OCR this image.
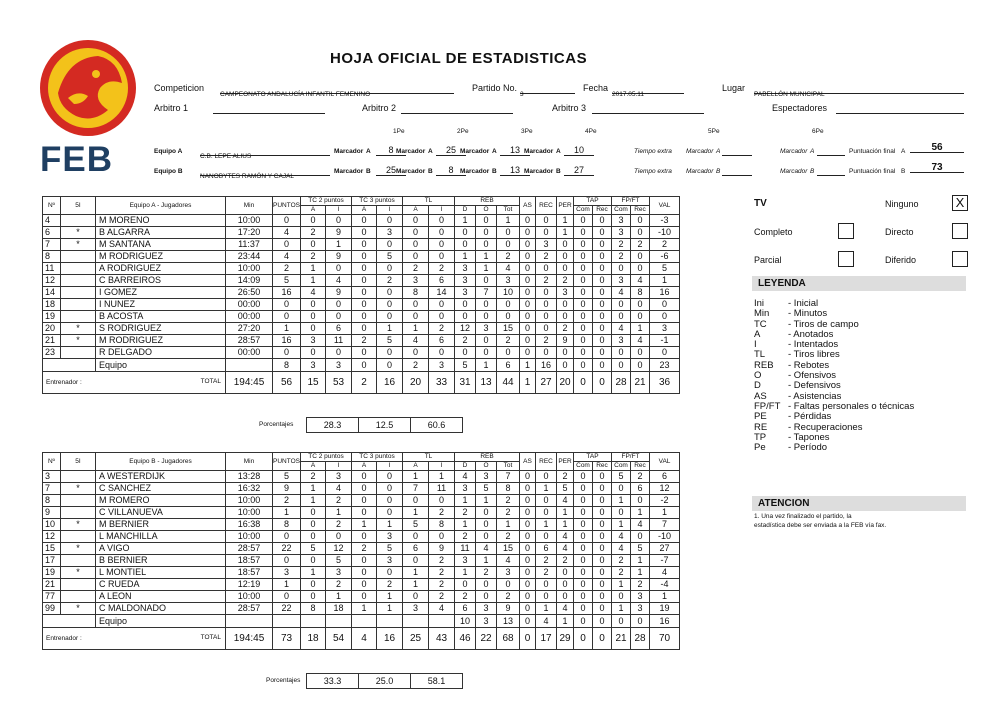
FEB
HOJA OFICIAL DE ESTADISTICAS
Competicion
CAMPEONATO ANDALUCÍA INFANTIL FEMENINO
Partido No.
3
Fecha
2017.05.11
Lugar
PABELLÓN MUNICIPAL
Arbitro 1	Arbitro 2	Arbitro 3	Espectadores
1Pe	2Pe	3Pe	4Pe	5Pe	6Pe
Equipo A
C.B. LEPE ALIUS
Marcador A	8 Marcador A	25 Marcador A	13 Marcador A	10	Tiempo extra Marcador A	Marcador A	Puntuación final A	56
Equipo B
NANOBYTES RAMÓN Y CAJAL
Marcador B	25 Marcador B	8	Marcador B	13 Marcador B	27	Tiempo extra Marcador B	Marcador B	Puntuación final B	73
Nº	5I	Equipo A - Jugadores	Min	PUNTOS	TC 2 puntos		TC 3 puntos		TL		REB			AS	REC	PER	TAP		FP/FT		VAL
					A	I	A	I	A	I	D	O	Tot				Com	Rec	Com	Rec	
4		M MORENO	10:00	0	0	0	0	0	0	0	1	0	1	0	0	1	0	0	3	0	-3
6	*	B ALGARRA	17:20	4	2	9	0	3	0	0	0	0	0	0	0	1	0	0	3	0	-10
7	*	M SANTANA	11:37	0	0	1	0	0	0	0	0	0	0	0	3	0	0	0	2	2	2
8		M RODRIGUEZ	23:44	4	2	9	0	5	0	0	1	1	2	0	2	0	0	0	2	0	-6
11		A RODRIGUEZ	10:00	2	1	0	0	0	2	2	3	1	4	0	0	0	0	0	0	0	5
12		C BARREIROS	14:09	5	1	4	0	2	3	6	3	0	3	0	2	2	0	0	3	4	1
14		I GOMEZ	26:50	16	4	9	0	0	8	14	3	7	10	0	0	3	0	0	4	8	16
18		I NUNEZ	00:00	0	0	0	0	0	0	0	0	0	0	0	0	0	0	0	0	0	0
19		B ACOSTA	00:00	0	0	0	0	0	0	0	0	0	0	0	0	0	0	0	0	0	0
20	*	S RODRIGUEZ	27:20	1	0	6	0	1	1	2	12	3	15	0	0	2	0	0	4	1	3
21	*	M RODRIGUEZ	28:57	16	3	11	2	5	4	6	2	0	2	0	2	9	0	0	3	4	-1
23		R DELGADO	00:00	0	0	0	0	0	0	0	0	0	0	0	0	0	0	0	0	0	0
		Equipo		8	3	3	0	0	2	3	5	1	6	1	16	0	0	0	0	0	23
Entrenador : TOTAL			194:45	56	15	53	2	16	20	33	31	13	44	1	27	20	0	0	28	21	36
Porcentajes	28.3	12.5	60.6
Nº	5I	Equipo B - Jugadores	Min	PUNTOS	TC 2 puntos		TC 3 puntos		TL		REB			AS	REC	PER	TAP		FP/FT		VAL
					A	I	A	I	A	I	D	O	Tot				Com	Rec	Com	Rec	
3		A WESTERDIJK	13:28	5	2	3	0	0	1	1	4	3	7	0	0	2	0	0	5	2	6
7	*	C SANCHEZ	16:32	9	1	4	0	0	7	11	3	5	8	0	1	5	0	0	0	6	12
8		M ROMERO	10:00	2	1	2	0	0	0	0	1	1	2	0	0	4	0	0	1	0	-2
9		C VILLANUEVA	10:00	1	0	1	0	0	1	2	2	0	2	0	0	1	0	0	0	1	1
10	*	M BERNIER	16:38	8	0	2	1	1	5	8	1	0	1	0	1	1	0	0	1	4	7
12		L MANCHILLA	10:00	0	0	0	0	3	0	0	2	0	2	0	0	4	0	0	4	0	-10
15	*	A VIGO	28:57	22	5	12	2	5	6	9	11	4	15	0	6	4	0	0	4	5	27
17		B BERNIER	18:57	0	0	5	0	3	0	2	3	1	4	0	2	2	0	0	2	1	-7
19	*	L MONTIEL	18:57	3	1	3	0	0	1	2	1	2	3	0	2	0	0	0	2	1	4
21		C RUEDA	12:19	1	0	2	0	2	1	2	0	0	0	0	0	0	0	0	1	2	-4
77		A LEON	10:00	0	0	1	0	1	0	2	2	0	2	0	0	0	0	0	0	3	1
99	*	C MALDONADO	28:57	22	8	18	1	1	3	4	6	3	9	0	1	4	0	0	1	3	19
		Equipo									10	3	13	0	4	1	0	0	0	0	16
Entrenador : TOTAL			194:45	73	18	54	4	16	25	43	46	22	68	0	17	29	0	0	21	28	70
Porcentajes	33.3	25.0	58.1
TV	Ninguno	X
Completo	Directo
Parcial	Diferido
LEYENDA
Ini	- Inicial
Min - Minutos
TC - Tiros de campo
A	- Anotados
I	- Intentados
TL - Tiros libres
REB - Rebotes
O	- Ofensivos
D	- Defensivos
AS - Asistencias
FP/FT - Faltas personales o técnicas
PE - Pérdidas
RE - Recuperaciones
TP - Tapones
Pe - Período
ATENCION
1. Una vez finalizado el partido, la
estadística debe ser enviada a la FEB vía fax.
